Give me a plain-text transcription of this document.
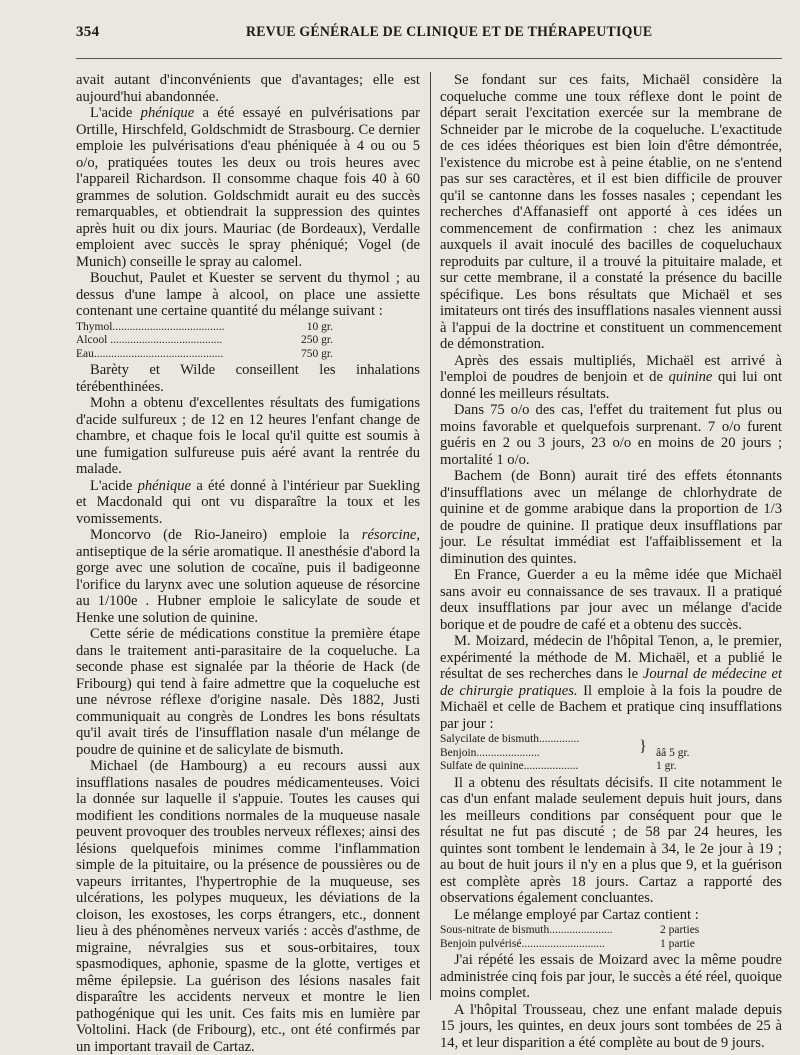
354	REVUE GÉNÉRALE DE CLINIQUE ET DE THÉRAPEUTIQUE

avait autant d'inconvénients que d'avantages; elle est aujourd'hui abandonnée.

L'acide phénique a été essayé en pulvérisations par Ortille, Hirschfeld, Goldschmidt de Strasbourg. Ce dernier emploie les pulvérisations d'eau phéniquée à 4 ou ou 5 o/o, pratiquées toutes les deux ou trois heures avec l'appareil Richardson. Il consomme chaque fois 40 à 60 grammes de solution. Goldschmidt aurait eu des succès remarquables, et obtiendrait la suppression des quintes après huit ou dix jours. Mauriac (de Bordeaux), Verdalle emploient avec succès le spray phéniqué; Vogel (de Munich) conseille le spray au calomel.

Bouchut, Paulet et Kuester se servent du thymol ; au dessus d'une lampe à alcool, on place une assiette contenant une certaine quantité du mélange suivant :

Thymol.......................................	10 gr.
Alcool .......................................	250 gr.
Eau.............................................	750 gr.

Barèty et Wilde conseillent les inhalations térébenthinées.

Mohn a obtenu d'excellentes résultats des fumigations d'acide sulfureux ; de 12 en 12 heures l'enfant change de chambre, et chaque fois le local qu'il quitte est soumis à une fumigation sulfureuse puis aéré avant la rentrée du malade.

L'acide phénique a été donné à l'intérieur par Suekling et Macdonald qui ont vu disparaître la toux et les vomissements.

Moncorvo (de Rio-Janeiro) emploie la résorcine, antiseptique de la série aromatique. Il anesthésie d'abord la gorge avec une solution de cocaïne, puis il badigeonne l'orifice du larynx avec une solution aqueuse de résorcine au 1/100e . Hubner emploie le salicylate de soude et Henke une solution de quinine.

Cette série de médications constitue la première étape dans le traitement anti-parasitaire de la coqueluche. La seconde phase est signalée par la théorie de Hack (de Fribourg) qui tend à faire admettre que la coqueluche est une névrose réflexe d'origine nasale. Dès 1882, Justi communiquait au congrès de Londres les bons résultats qu'il avait tirés de l'insufflation nasale d'un mélange de poudre de quinine et de salicylate de bismuth.

Michael (de Hambourg) a eu recours aussi aux insufflations nasales de poudres médicamenteuses. Voici la donnée sur laquelle il s'appuie. Toutes les causes qui modifient les conditions normales de la muqueuse nasale peuvent provoquer des troubles nerveux réflexes; ainsi des lésions quelquefois minimes comme l'inflammation simple de la pituitaire, ou la présence de poussières ou de vapeurs irritantes, l'hypertrophie de la muqueuse, ses ulcérations, les polypes muqueux, les déviations de la cloison, les exostoses, les corps étrangers, etc., donnent lieu à des phénomènes nerveux variés : accès d'asthme, de migraine, névralgies sus et sous-orbitaires, toux spasmodiques, aphonie, spasme de la glotte, vertiges et même épilepsie. La guérison des lésions nasales fait disparaître les accidents nerveux et montre le lien pathogénique qui les unit. Ces faits mis en lumière par Voltolini. Hack (de Fribourg), etc., ont été confirmés par un important travail de Cartaz.

Se fondant sur ces faits, Michaël considère la coqueluche comme une toux réflexe dont le point de départ serait l'excitation exercée sur la membrane de Schneider par le microbe de la coqueluche. L'exactitude de ces idées théoriques est bien loin d'être démontrée, l'existence du microbe est à peine établie, on ne s'entend pas sur ses caractères, et il est bien difficile de prouver qu'il se cantonne dans les fosses nasales ; cependant les recherches d'Affanasieff ont apporté à ces idées un commencement de confirmation : chez les animaux auxquels il avait inoculé des bacilles de coqueluchaux reproduits par culture, il a trouvé la pituitaire malade, et sur cette membrane, il a constaté la présence du bacille spécifique. Les bons résultats que Michaël et ses imitateurs ont tirés des insufflations nasales viennent aussi à l'appui de la doctrine et constituent un commencement de démonstration.

Après des essais multipliés, Michaël est arrivé à l'emploi de poudres de benjoin et de quinine qui lui ont donné les meilleurs résultats.

Dans 75 o/o des cas, l'effet du traitement fut plus ou moins favorable et quelquefois surprenant. 7 o/o furent guéris en 2 ou 3 jours, 23 o/o en moins de 20 jours ; mortalité 1 o/o.

Bachem (de Bonn) aurait tiré des effets étonnants d'insufflations avec un mélange de chlorhydrate de quinine et de gomme arabique dans la proportion de 1/3 de poudre de quinine. Il pratique deux insufflations par jour. Le résultat immédiat est l'affaiblissement et la diminution des quintes.

En France, Guerder a eu la même idée que Michaël sans avoir eu connaissance de ses travaux. Il a pratiqué deux insufflations par jour avec un mélange d'acide borique et de poudre de café et a obtenu des succès.

M. Moizard, médecin de l'hôpital Tenon, a, le premier, expérimenté la méthode de M. Michaël, et a publié le résultat de ses recherches dans le Journal de médecine et de chirurgie pratiques. Il emploie à la fois la poudre de Michaël et celle de Bachem et pratique cinq insufflations par jour :

Salycilate de bismuth..............	}	
Benjoin......................		ââ 5 gr.
Sulfate de quinine...................		1 gr.

Il a obtenu des résultats décisifs. Il cite notamment le cas d'un enfant malade seulement depuis huit jours, dans les meilleurs conditions par conséquent pour que le résultat ne fut pas discuté ; de 58 par 24 heures, les quintes sont tombent le lendemain à 34, le 2e jour à 19 ; au bout de huit jours il n'y en a plus que 9, et la guérison est complète après 18 jours. Cartaz a rapporté des observations également concluantes.

Le mélange employé par Cartaz contient :

Sous-nitrate de bismuth......................	2 parties
Benjoin pulvérisé.............................	1 partie

J'ai répété les essais de Moizard avec la même poudre administrée cinq fois par jour, le succès a été réel, quoique moins complet.

A l'hôpital Trousseau, chez une enfant malade depuis 15 jours, les quintes, en deux jours sont tombées de 25 à 14, et leur disparition a été complète au bout de 9 jours.
